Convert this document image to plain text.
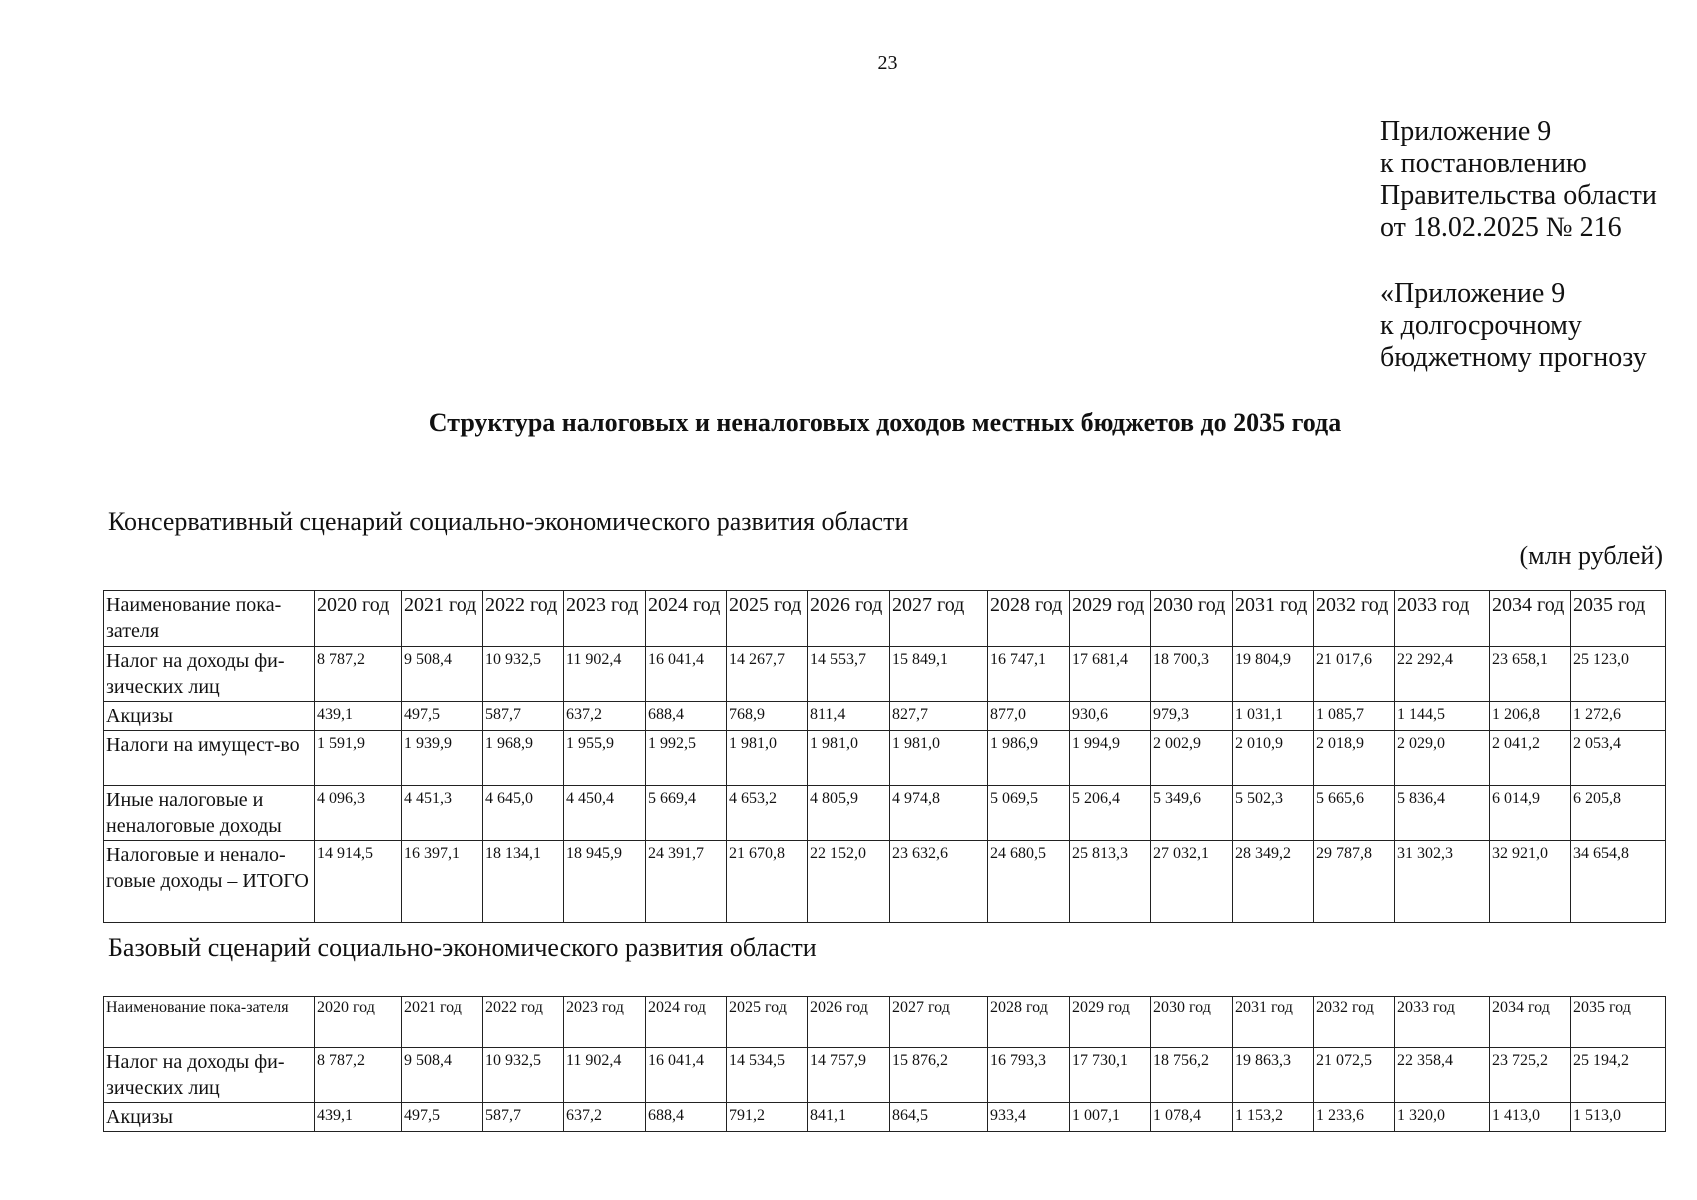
23
Приложение 9
к постановлению
Правительства области
от 18.02.2025 № 216
«Приложение 9
к долгосрочному
бюджетному прогнозу
Структура налоговых и неналоговых доходов местных бюджетов до 2035 года
Консервативный сценарий социально-экономического развития области
(млн рублей)
Наименование пока-зателя	2020 год	2021 год	2022 год	2023 год	2024 год	2025 год	2026 год	2027 год	2028 год	2029 год	2030 год	2031 год	2032 год	2033 год	2034 год	2035 год
Налог на доходы фи-зических лиц	8 787,2	9 508,4	10 932,5	11 902,4	16 041,4	14 267,7	14 553,7	15 849,1	16 747,1	17 681,4	18 700,3	19 804,9	21 017,6	22 292,4	23 658,1	25 123,0
Акцизы	439,1	497,5	587,7	637,2	688,4	768,9	811,4	827,7	877,0	930,6	979,3	1 031,1	1 085,7	1 144,5	1 206,8	1 272,6
Налоги на имущест-во	1 591,9	1 939,9	1 968,9	1 955,9	1 992,5	1 981,0	1 981,0	1 981,0	1 986,9	1 994,9	2 002,9	2 010,9	2 018,9	2 029,0	2 041,2	2 053,4
Иные налоговые и неналоговые доходы	4 096,3	4 451,3	4 645,0	4 450,4	5 669,4	4 653,2	4 805,9	4 974,8	5 069,5	5 206,4	5 349,6	5 502,3	5 665,6	5 836,4	6 014,9	6 205,8
Налоговые и ненало-говые доходы – ИТОГО	14 914,5	16 397,1	18 134,1	18 945,9	24 391,7	21 670,8	22 152,0	23 632,6	24 680,5	25 813,3	27 032,1	28 349,2	29 787,8	31 302,3	32 921,0	34 654,8
Базовый сценарий социально-экономического развития области
Наименование пока-зателя	2020 год	2021 год	2022 год	2023 год	2024 год	2025 год	2026 год	2027 год	2028 год	2029 год	2030 год	2031 год	2032 год	2033 год	2034 год	2035 год
Налог на доходы фи-зических лиц	8 787,2	9 508,4	10 932,5	11 902,4	16 041,4	14 534,5	14 757,9	15 876,2	16 793,3	17 730,1	18 756,2	19 863,3	21 072,5	22 358,4	23 725,2	25 194,2
Акцизы	439,1	497,5	587,7	637,2	688,4	791,2	841,1	864,5	933,4	1 007,1	1 078,4	1 153,2	1 233,6	1 320,0	1 413,0	1 513,0
